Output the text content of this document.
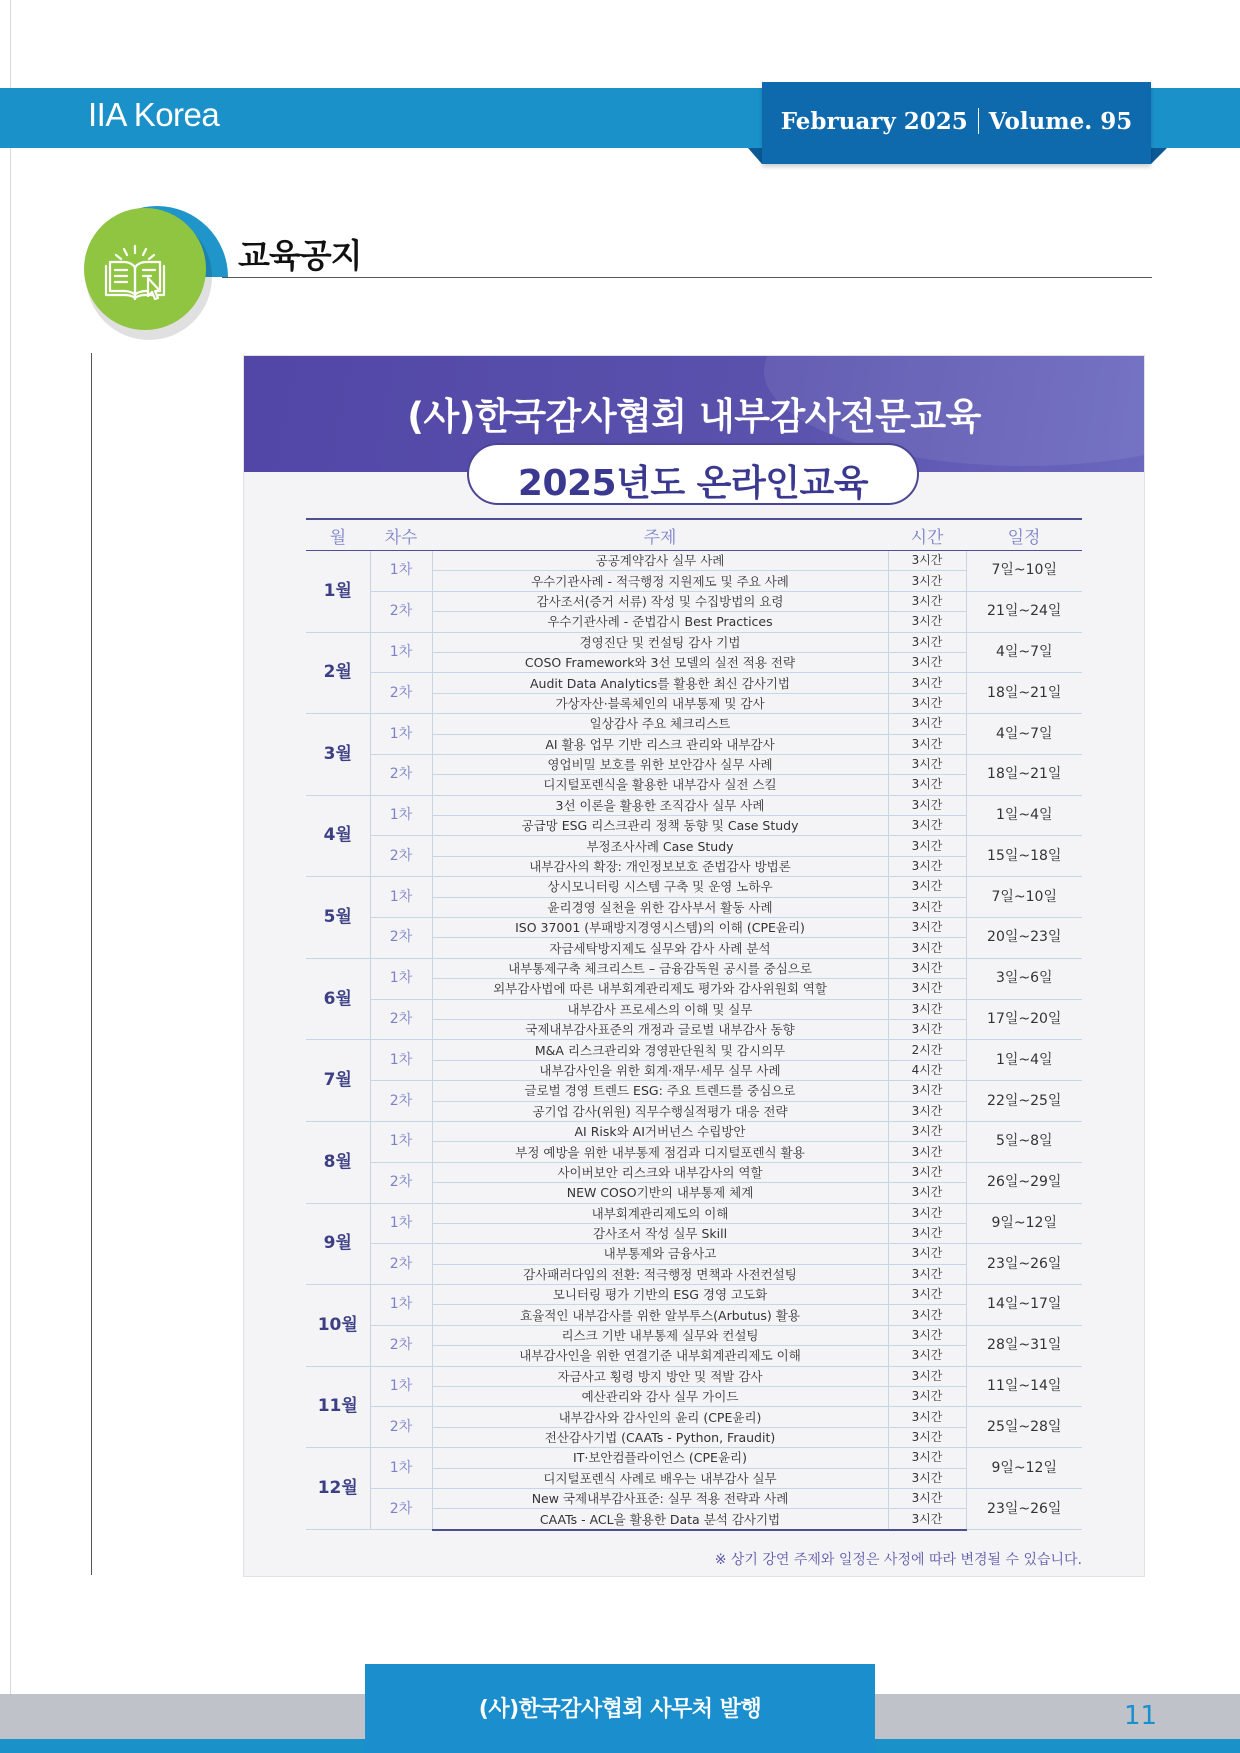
IIA Korea	February 2025 Volume. 95
교육공지
(사)한국감사협회 내부감사전문교육
2025년도 온라인교육
월	차수	주제	시간	일정
1월	1차	공공계약감사 실무 사례	3시간	7일~10일
		우수기관사례 - 적극행정 지원제도 및 주요 사례	3시간	
	2차	감사조서(증거 서류) 작성 및 수집방법의 요령	3시간	21일~24일
		우수기관사례 - 준법감시 Best Practices	3시간	
2월	1차	경영진단 및 컨설팅 감사 기법	3시간	4일~7일
		COSO Framework와 3선 모델의 실전 적용 전략	3시간	
	2차	Audit Data Analytics를 활용한 최신 감사기법	3시간	18일~21일
		가상자산·블록체인의 내부통제 및 감사	3시간	
3월	1차	일상감사 주요 체크리스트	3시간	4일~7일
		AI 활용 업무 기반 리스크 관리와 내부감사	3시간	
	2차	영업비밀 보호를 위한 보안감사 실무 사례	3시간	18일~21일
		디지털포렌식을 활용한 내부감사 실전 스킬	3시간	
4월	1차	3선 이론을 활용한 조직감사 실무 사례	3시간	1일~4일
		공급망 ESG 리스크관리 정책 동향 및 Case Study	3시간	
	2차	부정조사사례 Case Study	3시간	15일~18일
		내부감사의 확장: 개인정보보호 준법감사 방법론	3시간	
5월	1차	상시모니터링 시스템 구축 및 운영 노하우	3시간	7일~10일
		윤리경영 실천을 위한 감사부서 활동 사례	3시간	
	2차	ISO 37001 (부패방지경영시스템)의 이해 (CPE윤리)	3시간	20일~23일
		자금세탁방지제도 실무와 감사 사례 분석	3시간	
6월	1차	내부통제구축 체크리스트 – 금융감독원 공시를 중심으로	3시간	3일~6일
		외부감사법에 따른 내부회계관리제도 평가와 감사위원회 역할	3시간	
	2차	내부감사 프로세스의 이해 및 실무	3시간	17일~20일
		국제내부감사표준의 개정과 글로벌 내부감사 동향	3시간	
7월	1차	M&A 리스크관리와 경영판단원칙 및 감시의무	2시간	1일~4일
		내부감사인을 위한 회계·재무·세무 실무 사례	4시간	
	2차	글로벌 경영 트렌드 ESG: 주요 트렌드를 중심으로	3시간	22일~25일
		공기업 감사(위원) 직무수행실적평가 대응 전략	3시간	
8월	1차	AI Risk와 AI거버넌스 수립방안	3시간	5일~8일
		부정 예방을 위한 내부통제 점검과 디지털포렌식 활용	3시간	
	2차	사이버보안 리스크와 내부감사의 역할	3시간	26일~29일
		NEW COSO기반의 내부통제 체계	3시간	
9월	1차	내부회계관리제도의 이해	3시간	9일~12일
		감사조서 작성 실무 Skill	3시간	
	2차	내부통제와 금융사고	3시간	23일~26일
		감사패러다임의 전환: 적극행정 면책과 사전컨설팅	3시간	
10월	1차	모니터링 평가 기반의 ESG 경영 고도화	3시간	14일~17일
		효율적인 내부감사를 위한 알부투스(Arbutus) 활용	3시간	
	2차	리스크 기반 내부통제 실무와 컨설팅	3시간	28일~31일
		내부감사인을 위한 연결기준 내부회계관리제도 이해	3시간	
11월	1차	자금사고 횡령 방지 방안 및 적발 감사	3시간	11일~14일
		예산관리와 감사 실무 가이드	3시간	
	2차	내부감사와 감사인의 윤리 (CPE윤리)	3시간	25일~28일
		전산감사기법 (CAATs - Python, Fraudit)	3시간	
12월	1차	IT·보안컴플라이언스 (CPE윤리)	3시간	9일~12일
		디지털포렌식 사례로 배우는 내부감사 실무	3시간	
	2차	New 국제내부감사표준: 실무 적용 전략과 사례	3시간	23일~26일
		CAATs - ACL을 활용한 Data 분석 감사기법	3시간	
※ 상기 강연 주제와 일정은 사정에 따라 변경될 수 있습니다.
(사)한국감사협회 사무처 발행	11
